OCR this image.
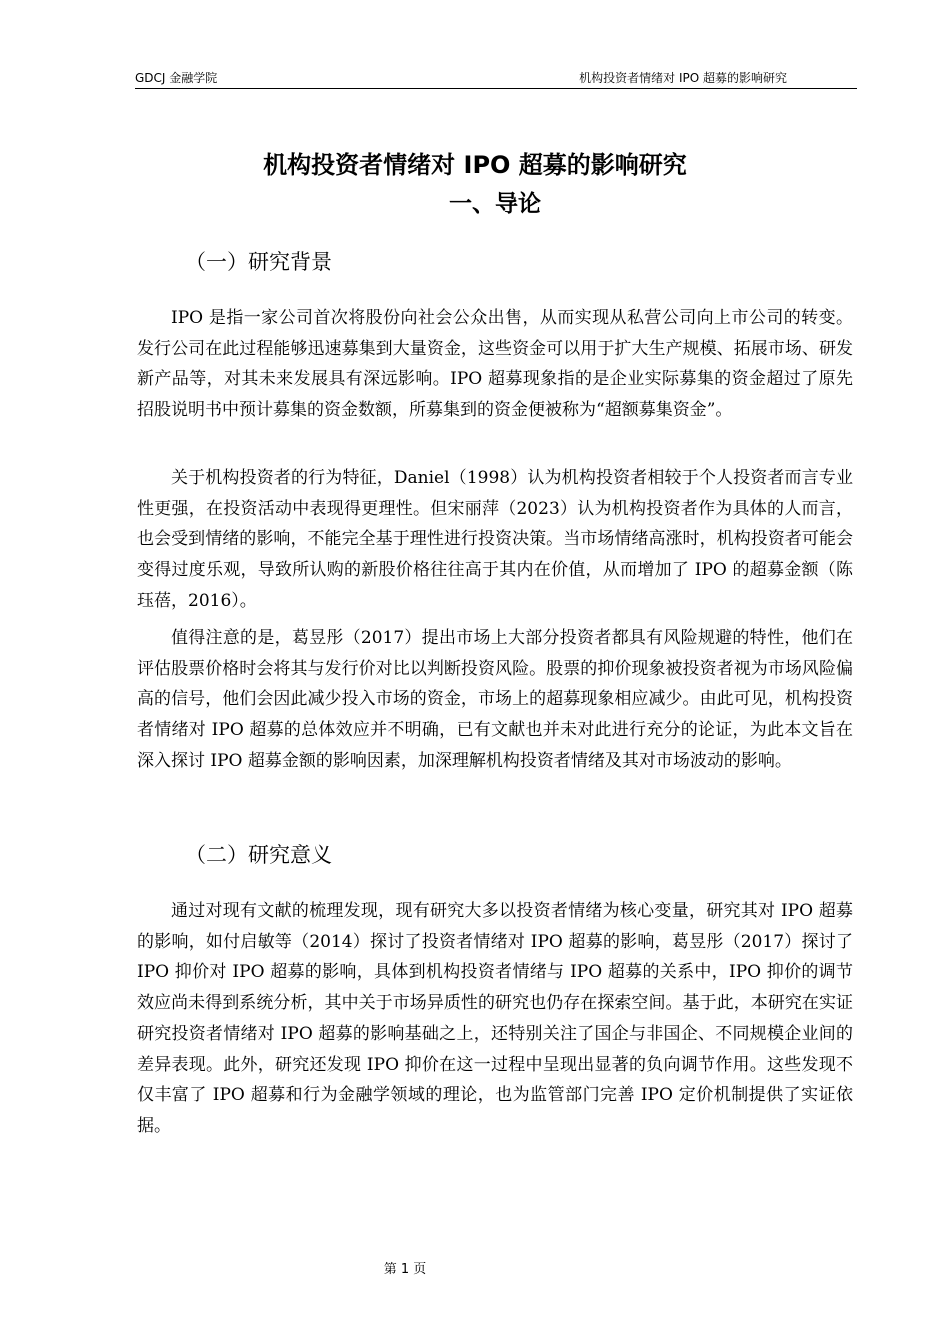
GDCJ 金融学院	机构投资者情绪对 IPO 超募的影响研究
机构投资者情绪对 IPO 超募的影响研究
一、导论
（一）研究背景

IPO 是指一家公司首次将股份向社会公众出售，从而实现从私营公司向上市公司的转变。发行公司在此过程能够迅速募集到大量资金，这些资金可以用于扩大生产规模、拓展市场、研发新产品等，对其未来发展具有深远影响。IPO 超募现象指的是企业实际募集的资金超过了原先招股说明书中预计募集的资金数额，所募集到的资金便被称为“超额募集资金”。

关于机构投资者的行为特征，Daniel（1998）认为机构投资者相较于个人投资者而言专业性更强，在投资活动中表现得更理性。但宋丽萍（2023）认为机构投资者作为具体的人而言，也会受到情绪的影响，不能完全基于理性进行投资决策。当市场情绪高涨时，机构投资者可能会变得过度乐观，导致所认购的新股价格往往高于其内在价值，从而增加了 IPO 的超募金额（陈珏蓓，2016）。

值得注意的是，葛昱彤（2017）提出市场上大部分投资者都具有风险规避的特性，他们在评估股票价格时会将其与发行价对比以判断投资风险。股票的抑价现象被投资者视为市场风险偏高的信号，他们会因此减少投入市场的资金，市场上的超募现象相应减少。由此可见，机构投资者情绪对 IPO 超募的总体效应并不明确，已有文献也并未对此进行充分的论证，为此本文旨在深入探讨 IPO 超募金额的影响因素，加深理解机构投资者情绪及其对市场波动的影响。

（二）研究意义

通过对现有文献的梳理发现，现有研究大多以投资者情绪为核心变量，研究其对 IPO 超募的影响，如付启敏等（2014）探讨了投资者情绪对 IPO 超募的影响，葛昱彤（2017）探讨了 IPO 抑价对 IPO 超募的影响，具体到机构投资者情绪与 IPO 超募的关系中，IPO 抑价的调节效应尚未得到系统分析，其中关于市场异质性的研究也仍存在探索空间。基于此，本研究在实证研究投资者情绪对 IPO 超募的影响基础之上，还特别关注了国企与非国企、不同规模企业间的差异表现。此外，研究还发现 IPO 抑价在这一过程中呈现出显著的负向调节作用。这些发现不仅丰富了 IPO 超募和行为金融学领域的理论，也为监管部门完善 IPO 定价机制提供了实证依据。

第 1 页
